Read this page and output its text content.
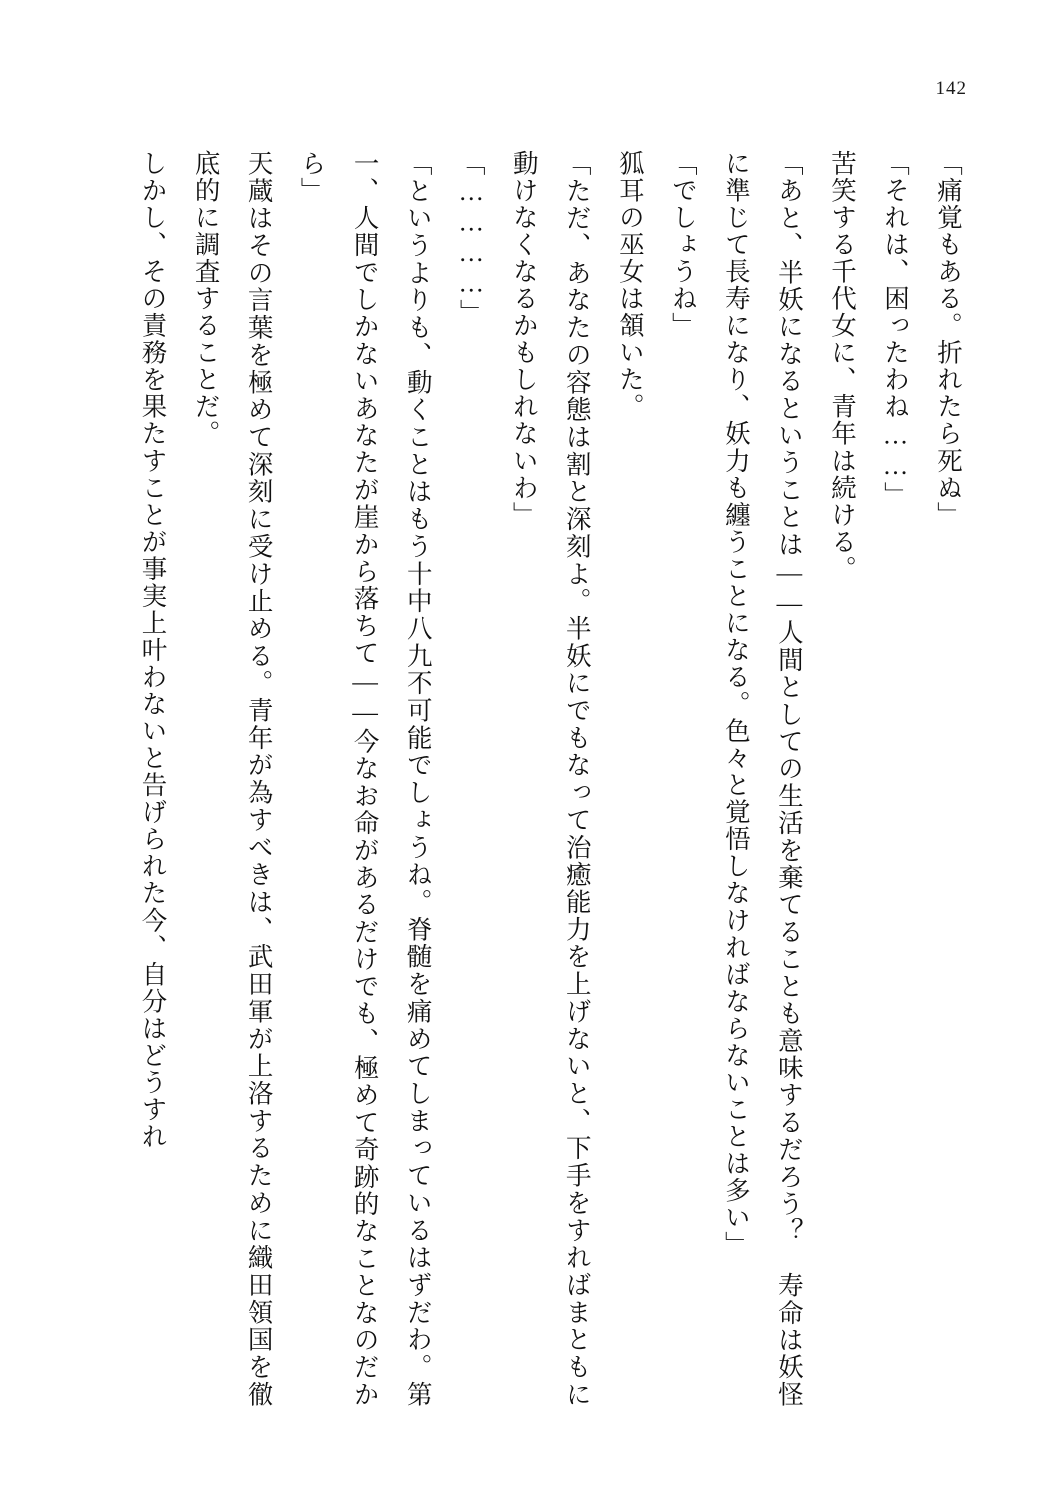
142

「痛覚もある。折れたら死ぬ」

「それは、困ったわね……」

苦笑する千代女に、青年は続ける。

「あと、半妖になるということは——人間としての生活を棄てることも意味するだろう？　寿命は妖怪に準じて長寿になり、妖力も纏うことになる。色々と覚悟しなければならないことは多い」

「でしょうね」

狐耳の巫女は頷いた。

「ただ、あなたの容態は割と深刻よ。半妖にでもなって治癒能力を上げないと、下手をすればまともに動けなくなるかもしれないわ」

「…………」

「というよりも、動くことはもう十中八九不可能でしょうね。脊髄を痛めてしまっているはずだわ。第一、人間でしかないあなたが崖から落ちて——今なお命があるだけでも、極めて奇跡的なことなのだから」

天蔵はその言葉を極めて深刻に受け止める。青年が為すべきは、武田軍が上洛するために織田領国を徹底的に調査することだ。

しかし、その責務を果たすことが事実上叶わないと告げられた今、自分はどうすれ
